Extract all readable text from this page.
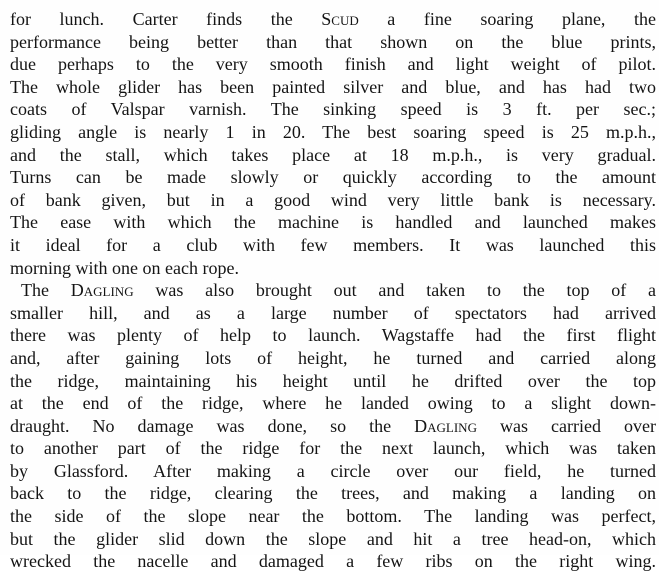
for lunch. Carter finds the Scud a fine soaring plane, the
performance being better than that shown on the blue prints,
due perhaps to the very smooth finish and light weight of pilot.
The whole glider has been painted silver and blue, and has had two
coats of Valspar varnish. The sinking speed is 3 ft. per sec.;
gliding angle is nearly 1 in 20. The best soaring speed is 25 m.p.h.,
and the stall, which takes place at 18 m.p.h., is very gradual.
Turns can be made slowly or quickly according to the amount
of bank given, but in a good wind very little bank is necessary.
The ease with which the machine is handled and launched makes
it ideal for a club with few members. It was launched this
morning with one on each rope.
The Dagling was also brought out and taken to the top of a
smaller hill, and as a large number of spectators had arrived
there was plenty of help to launch. Wagstaffe had the first flight
and, after gaining lots of height, he turned and carried along
the ridge, maintaining his height until he drifted over the top
at the end of the ridge, where he landed owing to a slight down-
draught. No damage was done, so the Dagling was carried over
to another part of the ridge for the next launch, which was taken
by Glassford. After making a circle over our field, he turned
back to the ridge, clearing the trees, and making a landing on
the side of the slope near the bottom. The landing was perfect,
but the glider slid down the slope and hit a tree head-on, which
wrecked the nacelle and damaged a few ribs on the right wing.
